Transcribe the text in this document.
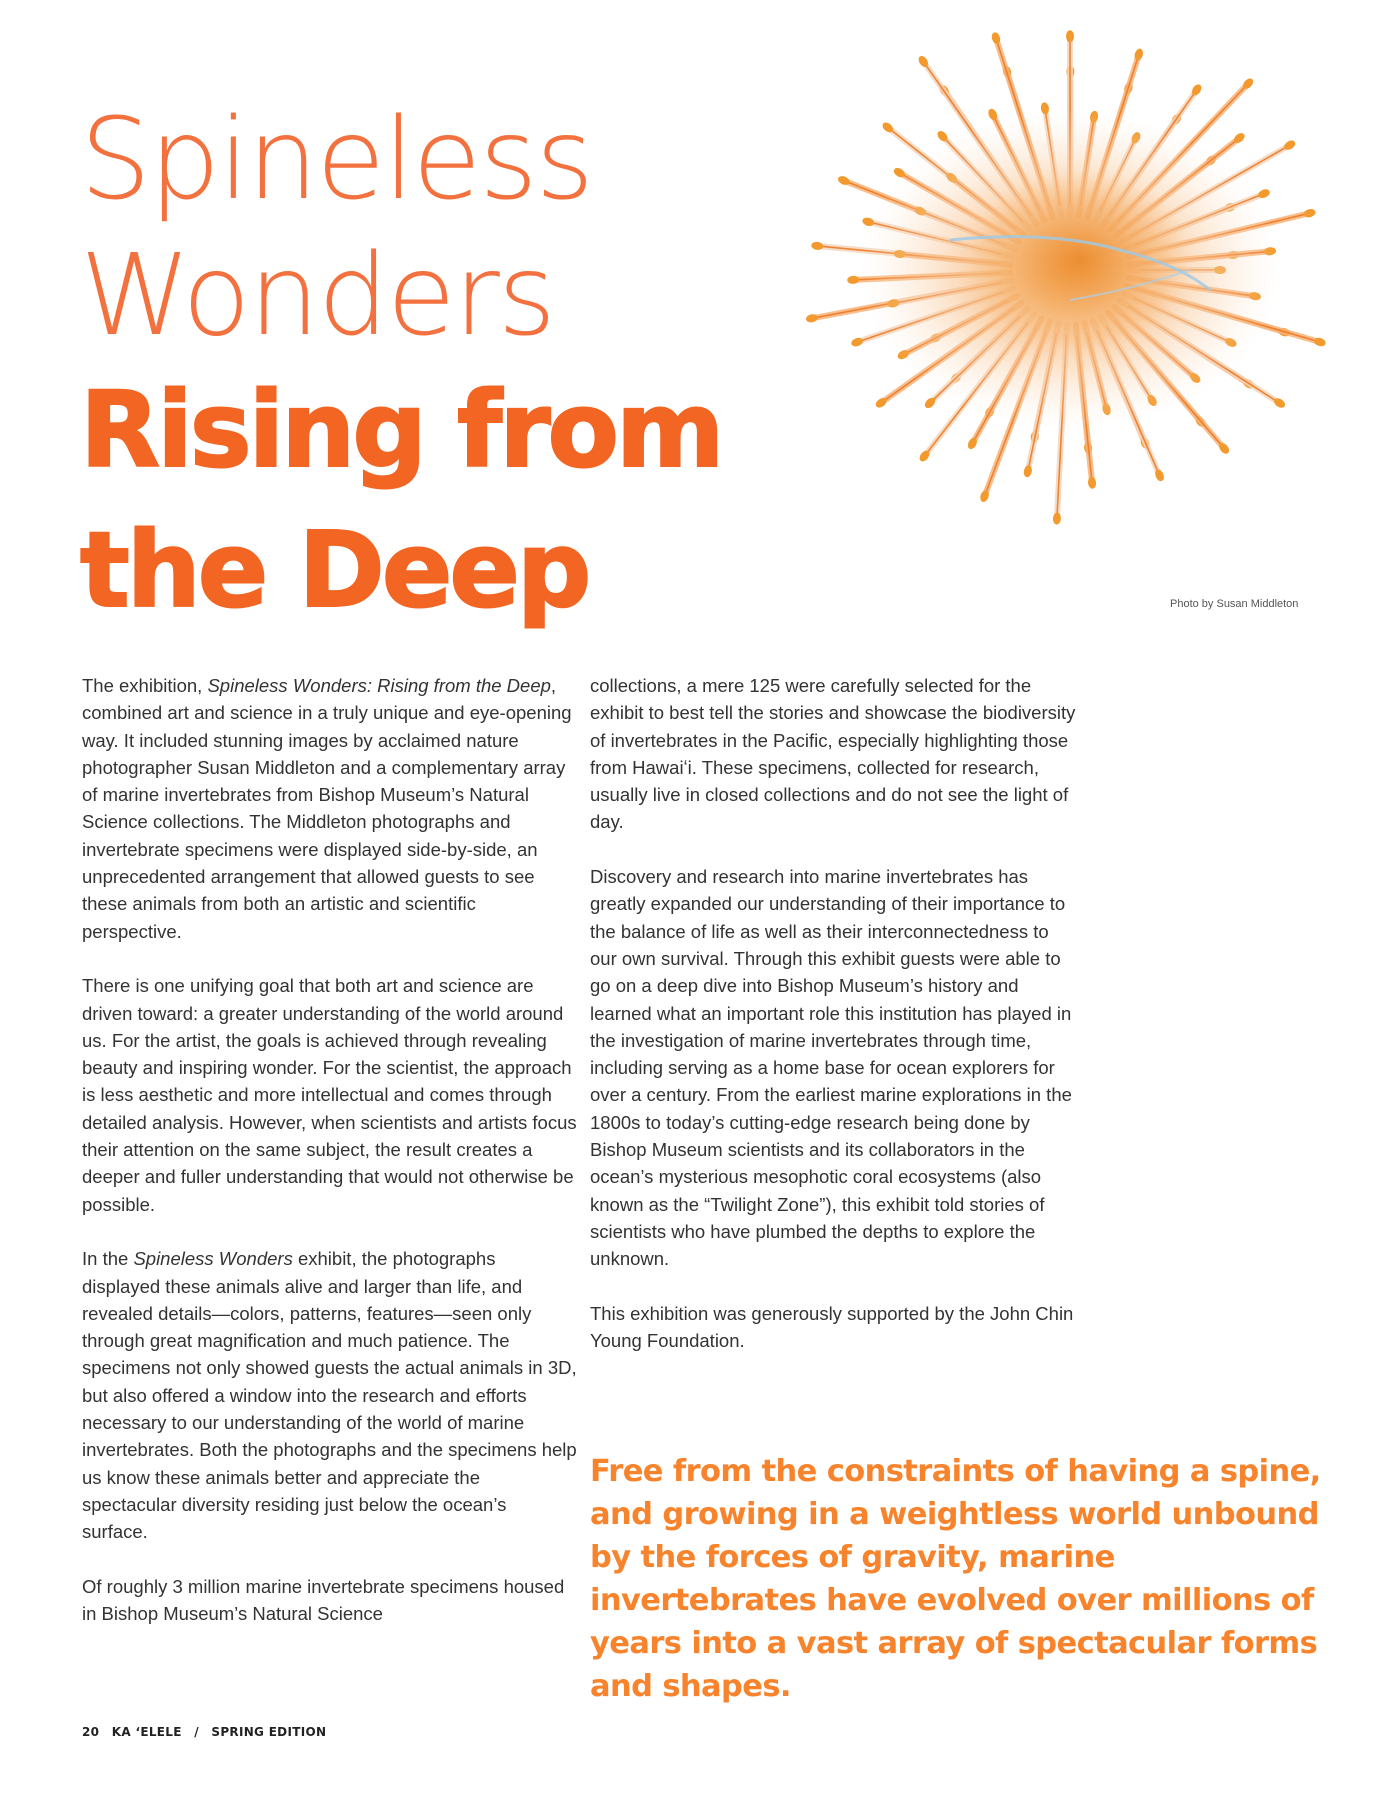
Spineless
Wonders
Rising from
the Deep	Photo by Susan Middleton

The exhibition, Spineless Wonders: Rising from the Deep, combined art and science in a truly unique and eye-opening way. It included stunning images by acclaimed nature photographer Susan Middleton and a complementary array of marine invertebrates from Bishop Museum’s Natural Science collections. The Middleton photographs and invertebrate specimens were displayed side-by-side, an unprecedented arrangement that allowed guests to see these animals from both an artistic and scientific perspective.

There is one unifying goal that both art and science are driven toward: a greater understanding of the world around us. For the artist, the goals is achieved through revealing beauty and inspiring wonder. For the scientist, the approach is less aesthetic and more intellectual and comes through detailed analysis. However, when scientists and artists focus their attention on the same subject, the result creates a deeper and fuller understanding that would not otherwise be possible.

In the Spineless Wonders exhibit, the photographs displayed these animals alive and larger than life, and revealed details—colors, patterns, features—seen only through great magnification and much patience. The specimens not only showed guests the actual animals in 3D, but also offered a window into the research and efforts necessary to our understanding of the world of marine invertebrates. Both the photographs and the specimens help us know these animals better and appreciate the spectacular diversity residing just below the ocean’s surface.

Of roughly 3 million marine invertebrate specimens housed in Bishop Museum’s Natural Science

collections, a mere 125 were carefully selected for the exhibit to best tell the stories and showcase the biodiversity of invertebrates in the Pacific, especially highlighting those from Hawaiʻi. These specimens, collected for research, usually live in closed collections and do not see the light of day.

Discovery and research into marine invertebrates has greatly expanded our understanding of their importance to the balance of life as well as their interconnectedness to our own survival. Through this exhibit guests were able to go on a deep dive into Bishop Museum’s history and learned what an important role this institution has played in the investigation of marine invertebrates through time, including serving as a home base for ocean explorers for over a century. From the earliest marine explorations in the 1800s to today’s cutting-edge research being done by Bishop Museum scientists and its collaborators in the ocean’s mysterious mesophotic coral ecosystems (also known as the “Twilight Zone”), this exhibit told stories of scientists who have plumbed the depths to explore the unknown.

This exhibition was generously supported by the John Chin Young Foundation.

Free from the constraints of having a spine, and growing in a weightless world unbound by the forces of gravity, marine invertebrates have evolved over millions of years into a vast array of spectacular forms and shapes.

20 KA ʻELELE / SPRING EDITION
